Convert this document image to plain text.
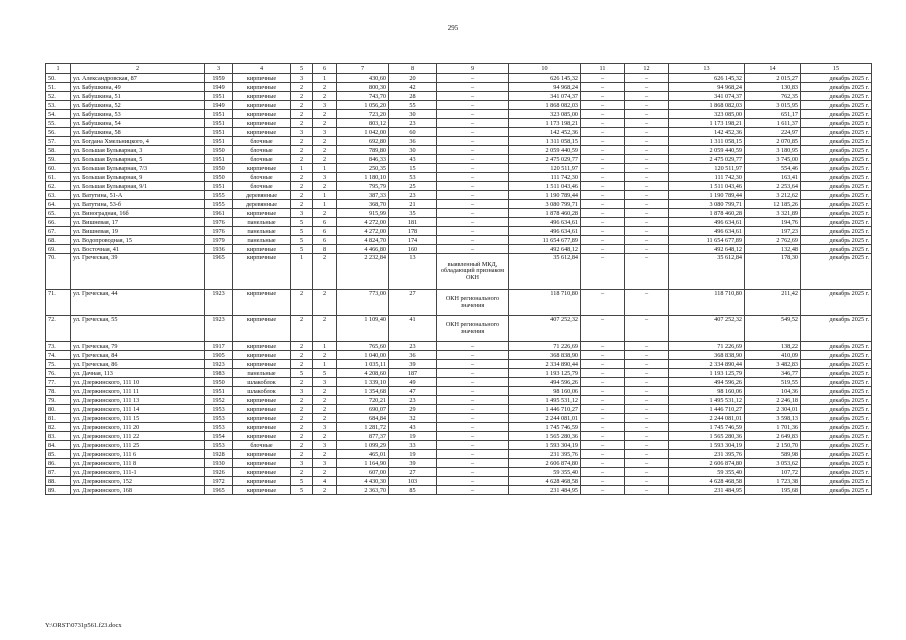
295
1	2	3	4	5	6	7	8	9	10	11	12	13	14	15
50.	ул. Александровская, 87	1959	кирпичные	3	1	430,60	20	–	626 145,32	–	–	626 145,32	2 015,27	декабрь 2025 г.
51.	ул. Бабушкина, 49	1949	кирпичные	2	2	800,30	42	–	94 968,24	–	–	94 968,24	130,83	декабрь 2025 г.
52.	ул. Бабушкина, 51	1951	кирпичные	2	2	743,70	28	–	341 074,37	–	–	341 074,37	762,35	декабрь 2025 г.
53.	ул. Бабушкина, 52	1949	кирпичные	2	3	1 056,20	55	–	1 868 082,03	–	–	1 868 082,03	3 015,95	декабрь 2025 г.
54.	ул. Бабушкина, 53	1951	кирпичные	2	2	723,20	30	–	323 085,00	–	–	323 085,00	651,17	декабрь 2025 г.
55.	ул. Бабушкина, 54	1951	кирпичные	2	2	803,12	23	–	1 173 198,21	–	–	1 173 198,21	1 611,37	декабрь 2025 г.
56.	ул. Бабушкина, 58	1951	кирпичные	3	3	1 042,00	60	–	142 452,36	–	–	142 452,36	224,97	декабрь 2025 г.
57.	ул. Богдана Хмельницкого, 4	1951	блочные	2	2	692,80	36	–	1 311 058,15	–	–	1 311 058,15	2 070,85	декабрь 2025 г.
58.	ул. Большая Бульварная, 3	1950	блочные	2	2	789,80	30	–	2 059 440,59	–	–	2 059 440,59	3 180,95	декабрь 2025 г.
59.	ул. Большая Бульварная, 5	1951	блочные	2	2	846,33	43	–	2 475 029,77	–	–	2 475 029,77	3 745,00	декабрь 2025 г.
60.	ул. Большая Бульварная, 7/3	1950	кирпичные	1	1	250,35	15	–	120 511,97	–	–	120 511,97	554,46	декабрь 2025 г.
61.	ул. Большая Бульварная, 9	1950	блочные	2	3	1 180,10	53	–	111 742,30	–	–	111 742,30	163,41	декабрь 2025 г.
62.	ул. Большая Бульварная, 9/1	1951	блочные	2	2	795,79	25	–	1 511 043,46	–	–	1 511 043,46	2 253,64	декабрь 2025 г.
63.	ул. Ватутина, 51-А	1955	деревянные	2	1	387,33	23	–	1 190 789,44	–	–	1 190 789,44	3 212,62	декабрь 2025 г.
64.	ул. Ватутина, 53-б	1955	деревянные	2	1	368,70	21	–	3 080 799,71	–	–	3 080 799,71	12 185,26	декабрь 2025 г.
65.	ул. Виноградная, 16б	1961	кирпичные	3	2	915,99	35	–	1 878 460,28	–	–	1 878 460,28	3 321,89	декабрь 2025 г.
66.	ул. Вишневая, 17	1976	панельные	5	6	4 272,00	181	–	496 634,61	–	–	496 634,61	194,76	декабрь 2025 г.
67.	ул. Вишневая, 19	1976	панельные	5	6	4 272,00	178	–	496 634,61	–	–	496 634,61	197,23	декабрь 2025 г.
68.	ул. Водопроводная, 15	1979	панельные	5	6	4 824,70	174	–	11 654 677,89	–	–	11 654 677,89	2 762,69	декабрь 2025 г.
69.	ул. Восточная, 41	1936	кирпичные	5	8	4 466,80	160	–	492 648,12	–	–	492 648,12	132,48	декабрь 2025 г.
70.	ул. Греческая, 39	1965	кирпичные	1	2	2 232,84	13	выявленный МКД, обладающий признаком ОКН	35 612,84	–	–	35 612,84	178,30	декабрь 2025 г.
71.	ул. Греческая, 44	1923	кирпичные	2	2	773,00	27	ОКН регионального значения	118 710,80	–	–	118 710,80	211,42	декабрь 2025 г.
72.	ул. Греческая, 55	1923	кирпичные	2	2	1 109,40	41	ОКН регионального значения	407 252,32	–	–	407 252,32	549,52	декабрь 2025 г.
73.	ул. Греческая, 79	1917	кирпичные	2	1	765,60	23	–	71 226,69	–	–	71 226,69	138,22	декабрь 2025 г.
74.	ул. Греческая, 84	1905	кирпичные	2	2	1 040,00	36	–	368 838,90	–	–	368 838,90	410,09	декабрь 2025 г.
75.	ул. Греческая, 86	1923	кирпичные	2	1	1 035,11	39	–	2 334 890,44	–	–	2 334 890,44	3 482,83	декабрь 2025 г.
76.	ул. Дачная, 113	1983	панельные	5	5	4 208,60	187	–	1 193 125,79	–	–	1 193 125,79	346,77	декабрь 2025 г.
77.	ул. Дзержинского, 111 10	1950	шлакоблок	2	3	1 339,10	49	–	494 596,26	–	–	494 596,26	519,55	декабрь 2025 г.
78.	ул. Дзержинского, 111 11	1951	шлакоблок	3	2	1 354,68	47	–	98 160,06	–	–	98 160,06	104,36	декабрь 2025 г.
79.	ул. Дзержинского, 111 13	1952	кирпичные	2	2	720,21	23	–	1 495 531,12	–	–	1 495 531,12	2 246,18	декабрь 2025 г.
80.	ул. Дзержинского, 111 14	1953	кирпичные	2	2	690,07	29	–	1 446 710,27	–	–	1 446 710,27	2 304,01	декабрь 2025 г.
81.	ул. Дзержинского, 111 15	1953	кирпичные	2	2	684,84	32	–	2 244 081,01	–	–	2 244 081,01	3 598,13	декабрь 2025 г.
82.	ул. Дзержинского, 111 20	1953	кирпичные	2	3	1 281,72	43	–	1 745 746,59	–	–	1 745 746,59	1 701,36	декабрь 2025 г.
83.	ул. Дзержинского, 111 22	1954	кирпичные	2	2	877,37	19	–	1 565 280,36	–	–	1 565 280,36	2 649,83	декабрь 2025 г.
84.	ул. Дзержинского, 111 25	1953	блочные	2	3	1 099,29	33	–	1 593 304,19	–	–	1 593 304,19	2 150,70	декабрь 2025 г.
85.	ул. Дзержинского, 111 6	1928	кирпичные	2	2	465,01	19	–	231 395,76	–	–	231 395,76	589,98	декабрь 2025 г.
86.	ул. Дзержинского, 111 8	1930	кирпичные	3	3	1 164,90	39	–	2 606 874,80	–	–	2 606 874,80	3 053,62	декабрь 2025 г.
87.	ул. Дзержинского, 111-1	1926	кирпичные	2	2	607,00	27	–	59 355,40	–	–	59 355,40	107,72	декабрь 2025 г.
88.	ул. Дзержинского, 152	1972	кирпичные	5	4	4 430,30	103	–	4 628 468,58	–	–	4 628 468,58	1 723,38	декабрь 2025 г.
89.	ул. Дзержинского, 168	1965	кирпичные	5	2	2 363,70	85	–	231 484,95	–	–	231 484,95	195,68	декабрь 2025 г.
Y:\ORST\0731p561.f23.docx
